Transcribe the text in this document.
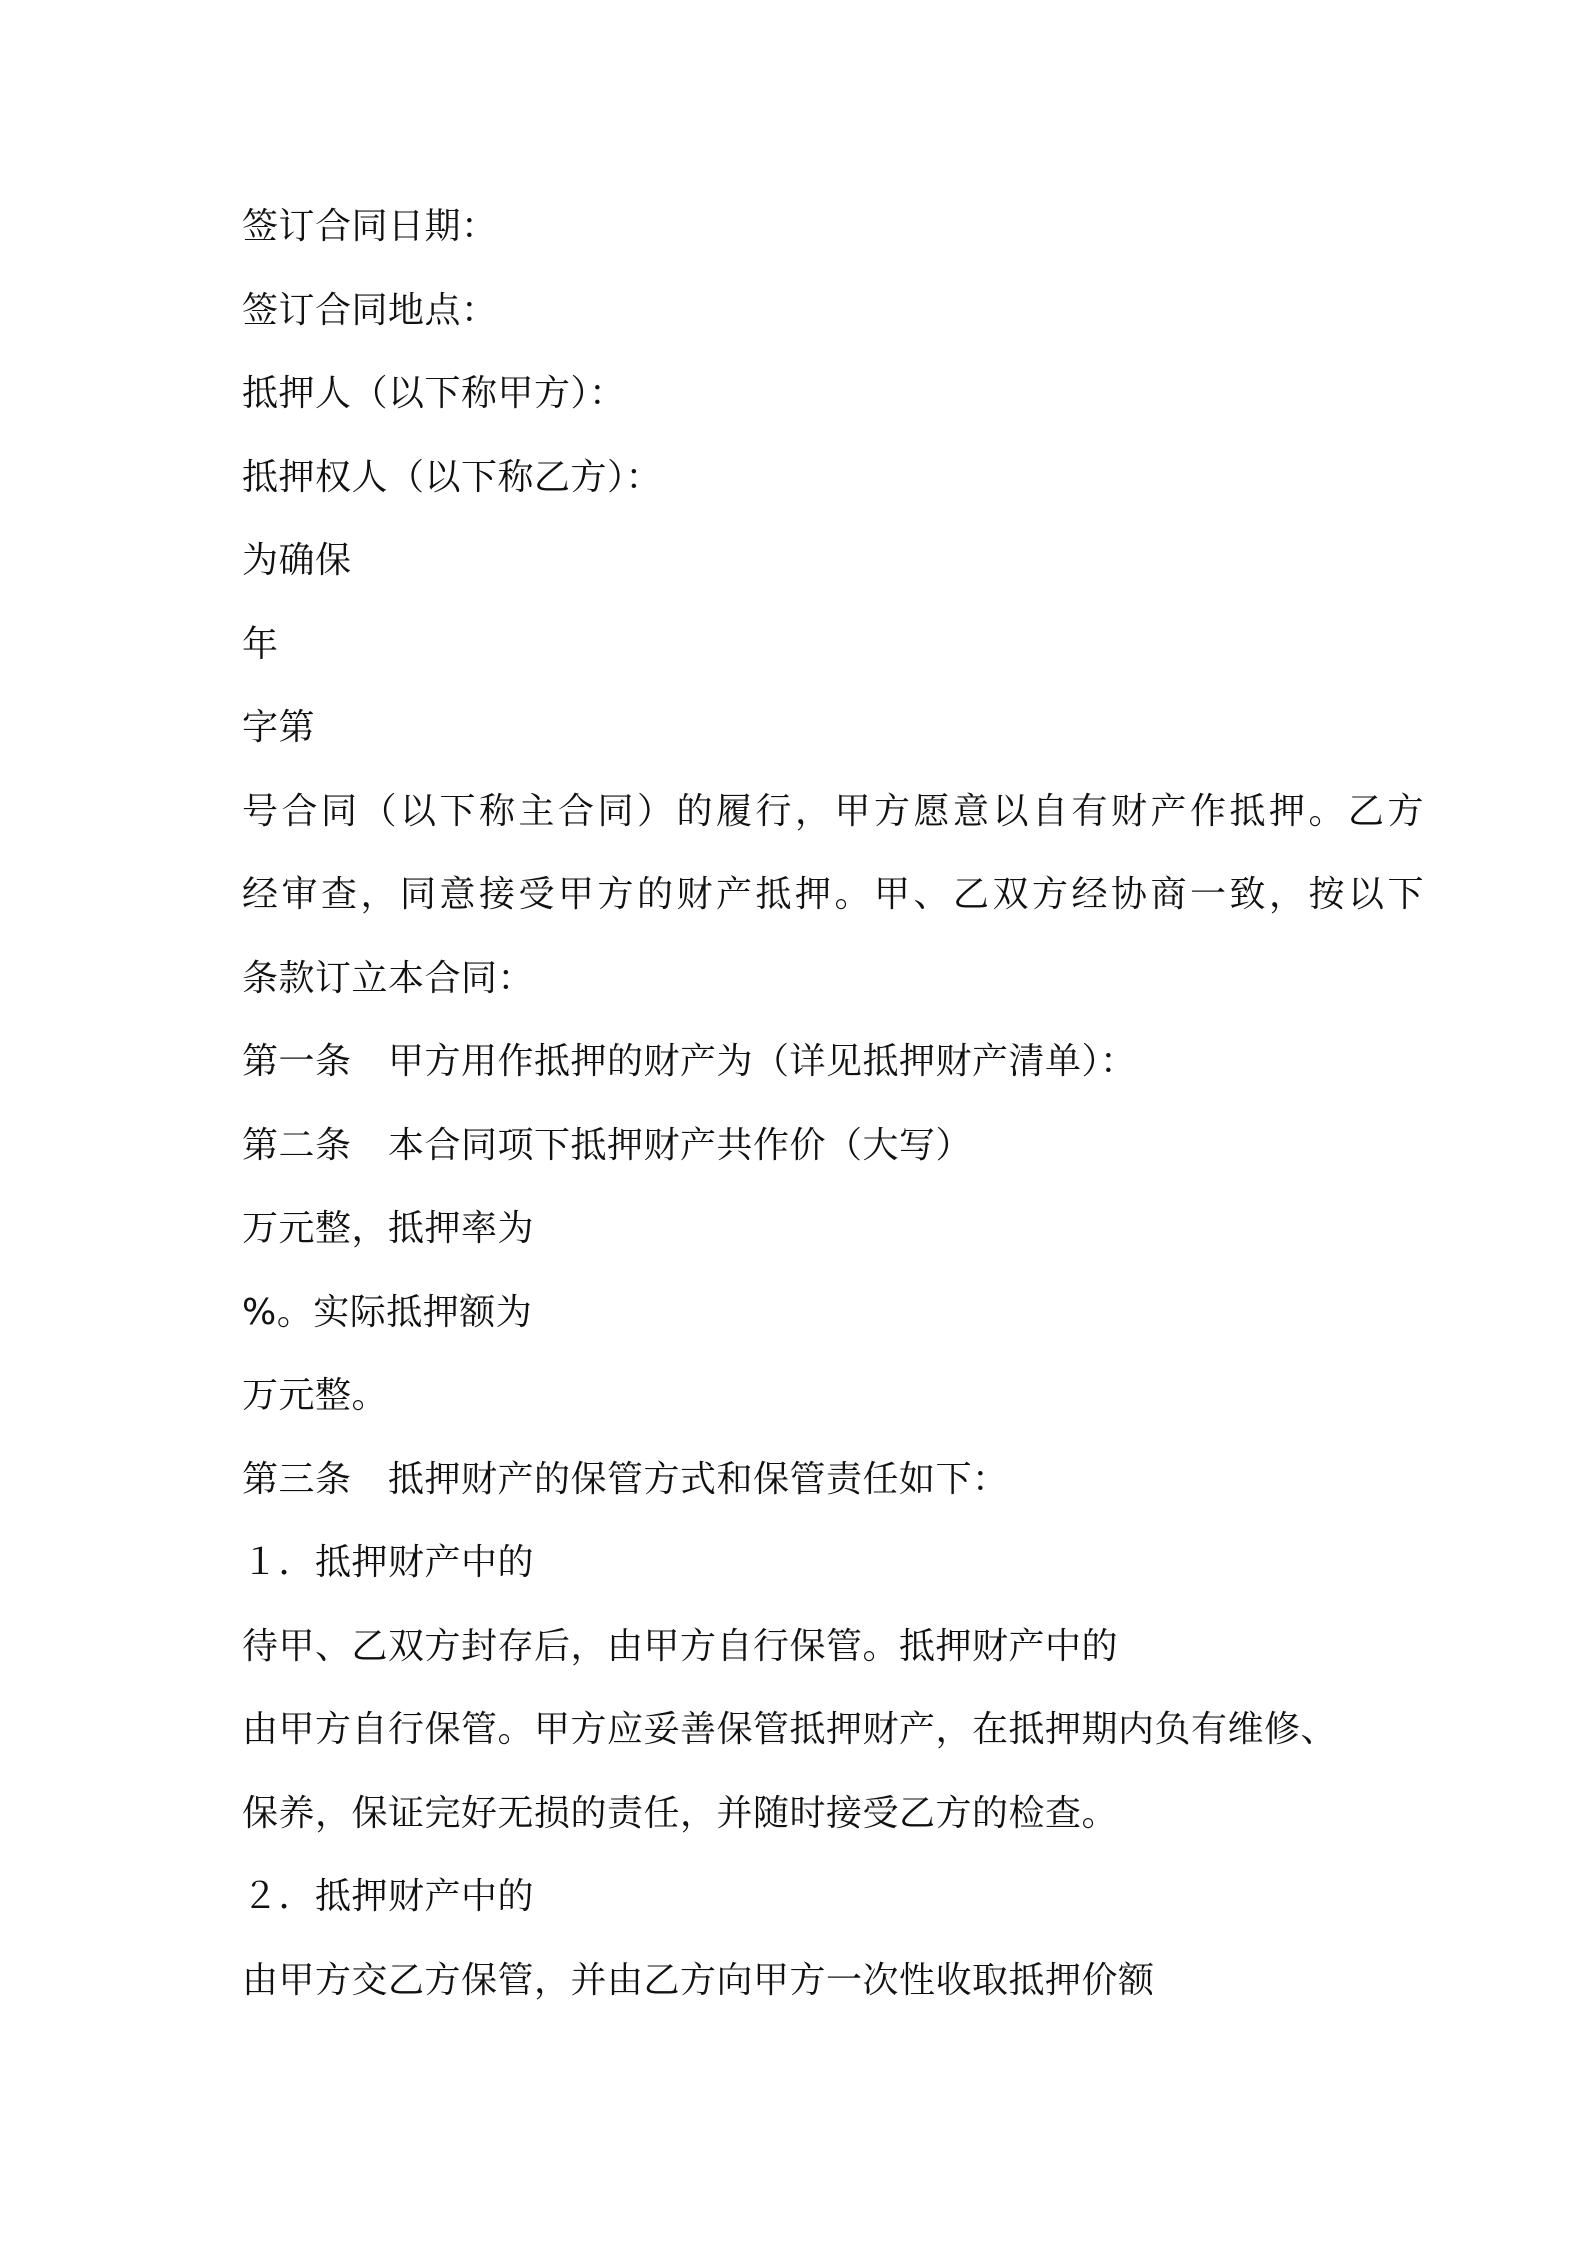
签订合同日期：
签订合同地点：
抵押人（以下称甲方）：
抵押权人（以下称乙方）：
为确保
年
字第
号合同（以下称主合同）的履行，甲方愿意以自有财产作抵押。乙方
经审查，同意接受甲方的财产抵押。甲、乙双方经协商一致，按以下
条款订立本合同：
第一条　甲方用作抵押的财产为（详见抵押财产清单）：
第二条　本合同项下抵押财产共作价（大写）
万元整，抵押率为
%。实际抵押额为
万元整。
第三条　抵押财产的保管方式和保管责任如下：
１．抵押财产中的
待甲、乙双方封存后，由甲方自行保管。抵押财产中的
由甲方自行保管。甲方应妥善保管抵押财产，在抵押期内负有维修、
保养，保证完好无损的责任，并随时接受乙方的检查。
２．抵押财产中的
由甲方交乙方保管，并由乙方向甲方一次性收取抵押价额
